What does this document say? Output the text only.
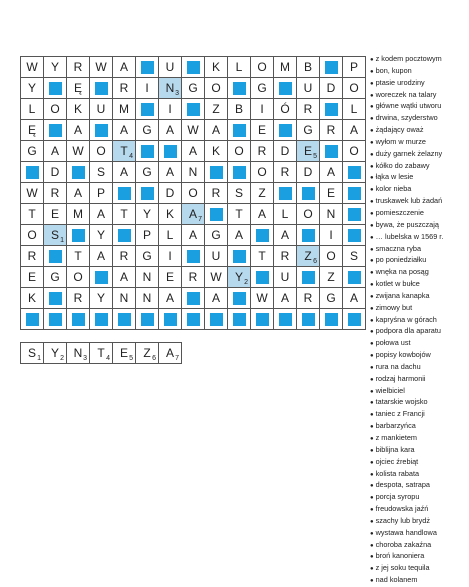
W Y R W A	U	K L O M B	P
Y	Ę	R I N 3 G O	G	U D O
L O K U M	I	Z B I Ó R	L
Ę	A	A G A W A	E	G R A
G A W O T 4	A K O R D E 5	O
D	S A G A N	O R D A
W R A P	D O R S Z	E
T E M A T Y K A 7	T A L O N
O S 1	Y	P L A G A	A	I
R	T A R G I	U	T R Z 6 O S
E G O	A N E R W Y 2	U	Z
K	R Y N N A	A	W A R G A
S 1 Y 2 N 3 T 4 E 5 Z 6 A 7
● z kodem pocztowym
● bon, kupon
● ptasie urodziny
● woreczek na talary
● główne wątki utworu
● drwina, szyderstwo
● żądający oważ
● wyłom w murze
● duży garnek żelazny
● kółko do zabawy
● łąka w lesie
● kolor nieba
● truskawek lub żadań
● pomieszczenie
● bywa, że puszczają
● … lubelska w 1569 r.
● smaczna ryba
● po poniedziałku
● wnęka na posąg
● kotlet w bułce
● zwijana kanapka
● zimowy but
● kapryśna w górach
● podpora dla aparatu
● połowa ust
● popisy kowbojów
● rura na dachu
● rodzaj harmonii
● wielbiciel
● tatarskie wojsko
● taniec z Francji
● barbarzyńca
● z mankietem
● biblijna kara
● ojciec źrebiąt
● kolista rabata
● despota, satrapa
● porcja syropu
● freudowska jaźń
● szachy lub brydż
● wystawa handlowa
● choroba zakaźna
● broń kanoniera
● z jej soku tequila
● nad kolanem
